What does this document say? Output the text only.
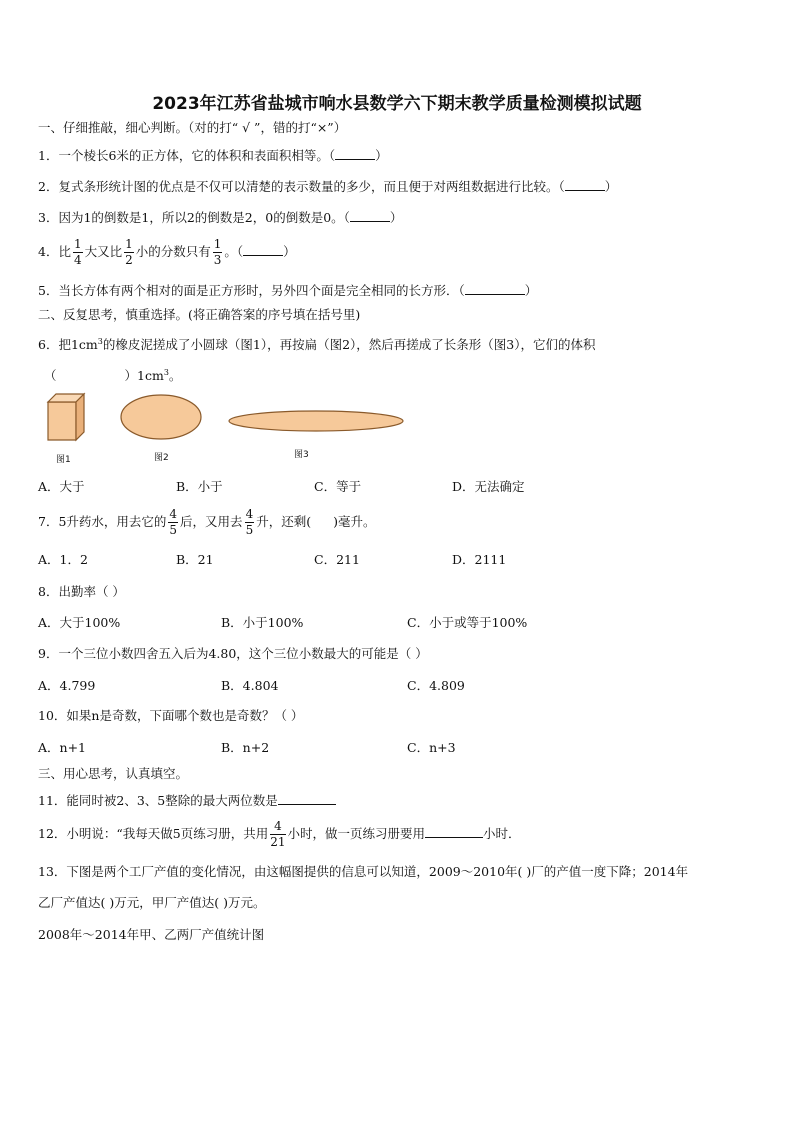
2023年江苏省盐城市响水县数学六下期末教学质量检测模拟试题
一、仔细推敲，细心判断。（对的打“ √ ”，错的打“×”）
1．一个棱长6米的正方体，它的体积和表面积相等。（	）
2．复式条形统计图的优点是不仅可以清楚的表示数量的多少，而且便于对两组数据进行比较。（	）
3．因为1的倒数是1，所以2的倒数是2，0的倒数是0。（	）
4．比 $\frac{1}{4}$ 大又比 $\frac{1}{2}$ 小的分数只有 $\frac{1}{3}$ 。（	）
5．当长方体有两个相对的面是正方形时，另外四个面是完全相同的长方形．（	）
二、反复思考，慎重选择。(将正确答案的序号填在括号里)
6．把$1cm^3$的橡皮泥搓成了小圆球（图1），再按扁（图2），然后再搓成了长条形（图3），它们的体积
（	）$1cm^3$。
图1	图2	图3
A．大于	B．小于	C．等于	D．无法确定
7．5升药水，用去它的 $\frac{4}{5}$ 后，又用去 $\frac{4}{5}$ 升，还剩( )毫升。
A．1．2	B．21	C．211	D．2111
8．出勤率（ ）
A．大于100%	B．小于100%	C．小于或等于100%
9．一个三位小数四舍五入后为4.80，这个三位小数最大的可能是（ ）
A．4.799	B．4.804	C．4.809
10．如果n是奇数，下面哪个数也是奇数？（ ）
A．n+1	B．n+2	C．n+3
三、用心思考，认真填空。
11．能同时被2、3、5整除的最大两位数是
12．小明说：“我每天做5页练习册，共用 $\frac{4}{21}$ 小时，做一页练习册要用	小时．
13．下图是两个工厂产值的变化情况，由这幅图提供的信息可以知道，2009～2010年( )厂的产值一度下降；2014年
乙厂产值达( )万元，甲厂产值达( )万元。
2008年～2014年甲、乙两厂产值统计图
